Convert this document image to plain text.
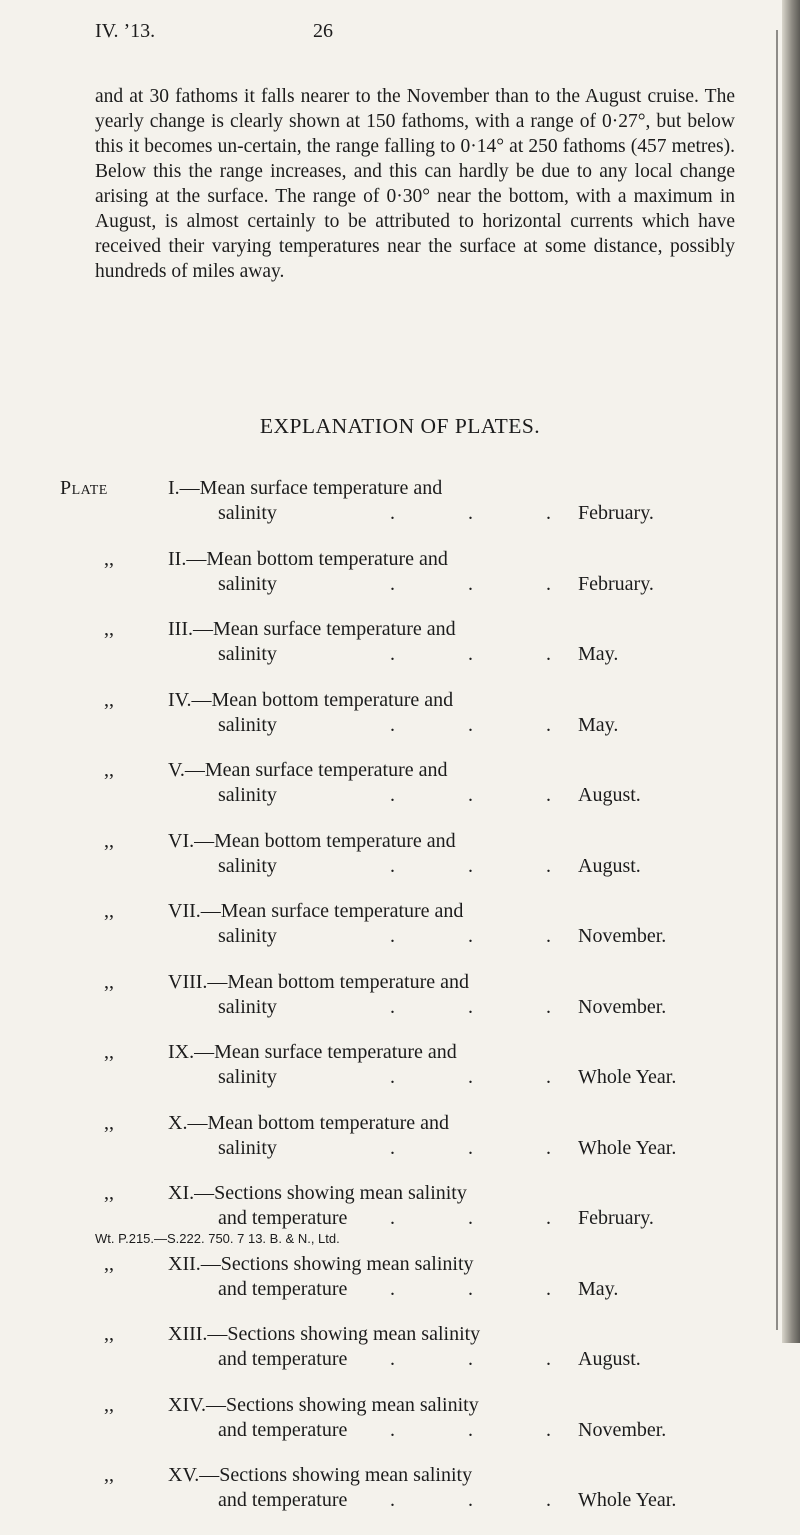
IV. ’13.	26
and at 30 fathoms it falls nearer to the November than to the August cruise. The yearly change is clearly shown at 150 fathoms, with a range of 0·27°, but below this it becomes un-certain, the range falling to 0·14° at 250 fathoms (457 metres). Below this the range increases, and this can hardly be due to any local change arising at the surface. The range of 0·30° near the bottom, with a maximum in August, is almost certainly to be attributed to horizontal currents which have received their varying temperatures near the surface at some distance, possibly hundreds of miles away.
EXPLANATION OF PLATES.
Plate	I.—Mean surface temperature and
salinity	. . .
February.
,,	II.—Mean bottom temperature and
salinity	. . .
February.
,,	III.—Mean surface temperature and
salinity	. . .
May.
,,	IV.—Mean bottom temperature and
salinity	. . .
May.
,,	V.—Mean surface temperature and
salinity	. . .
August.
,,	VI.—Mean bottom temperature and
salinity	. . .
August.
,,	VII.—Mean surface temperature and
salinity	. . .
November.
,,	VIII.—Mean bottom temperature and
salinity	. . .
November.
,,	IX.—Mean surface temperature and
salinity	. . .
Whole Year.
,,	X.—Mean bottom temperature and
salinity	. . .
Whole Year.
,,	XI.—Sections showing mean salinity
and temperature	. . .
February.
,,	XII.—Sections showing mean salinity
and temperature	. . .
May.
,,	XIII.—Sections showing mean salinity
and temperature	. . .
August.
,,	XIV.—Sections showing mean salinity
and temperature	. . .
November.
,,	XV.—Sections showing mean salinity
and temperature	. . .
Whole Year.
Wt. P.215.—S.222. 750. 7 13. B. & N., Ltd.
